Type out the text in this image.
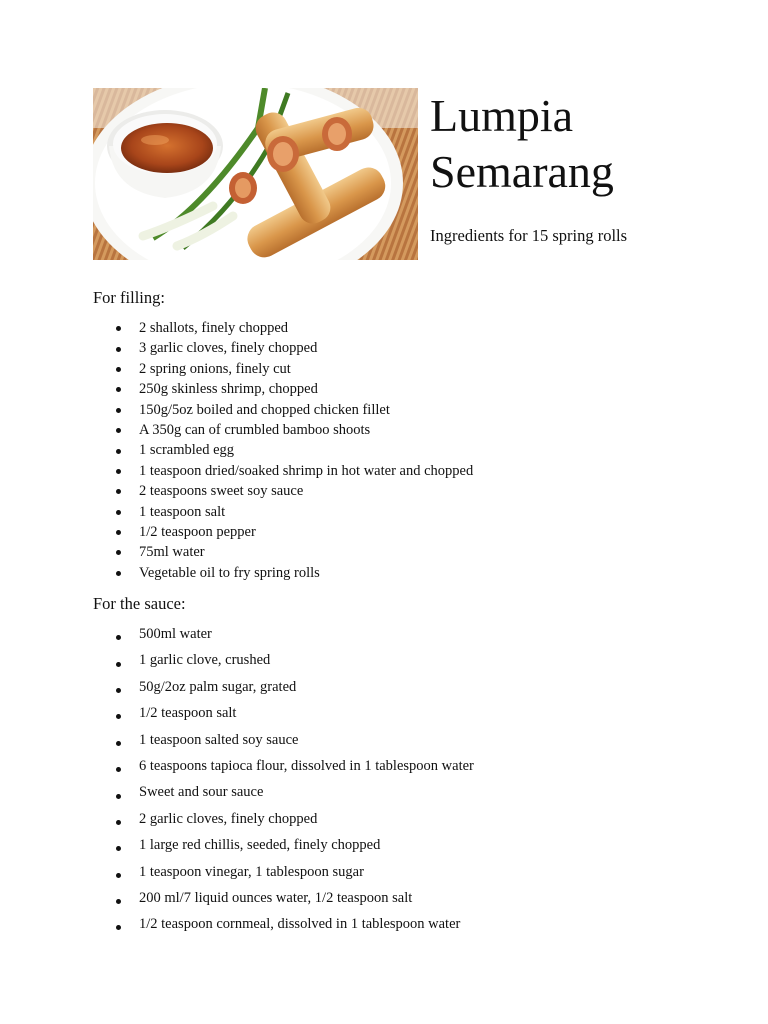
Lumpia Semarang

Ingredients for 15 spring rolls

For filling:
2 shallots, finely chopped
3 garlic cloves, finely chopped
2 spring onions, finely cut
250g skinless shrimp, chopped
150g/5oz boiled and chopped chicken fillet
A 350g can of crumbled bamboo shoots
1 scrambled egg
1 teaspoon dried/soaked shrimp in hot water and chopped
2 teaspoons sweet soy sauce
1 teaspoon salt
1/2 teaspoon pepper
75ml water
Vegetable oil to fry spring rolls
For the sauce:
500ml water
1 garlic clove, crushed
50g/2oz palm sugar, grated
1/2 teaspoon salt
1 teaspoon salted soy sauce
6 teaspoons tapioca flour, dissolved in 1 tablespoon water
Sweet and sour sauce
2 garlic cloves, finely chopped
1 large red chillis, seeded, finely chopped
1 teaspoon vinegar, 1 tablespoon sugar
200 ml/7 liquid ounces water, 1/2 teaspoon salt
1/2 teaspoon cornmeal, dissolved in 1 tablespoon water
